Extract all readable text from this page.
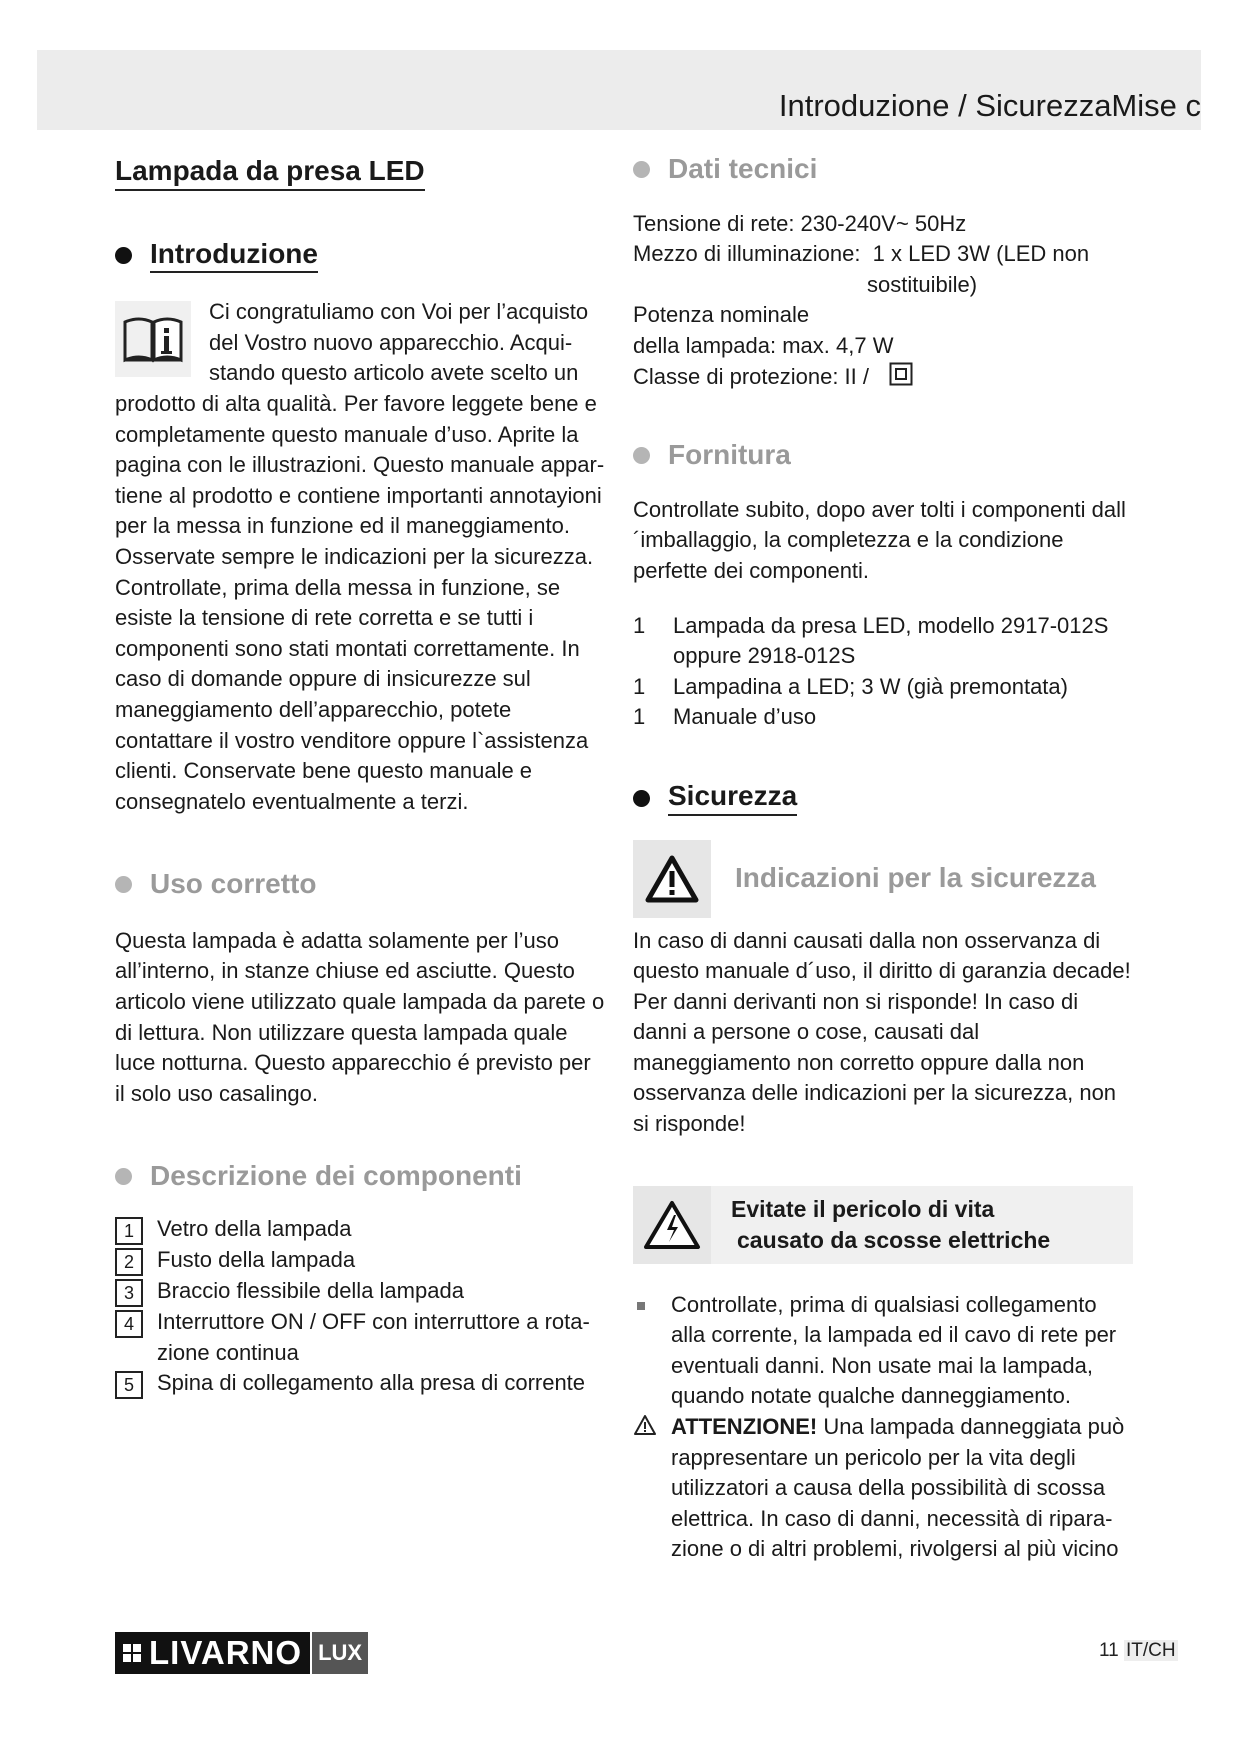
Introduzione / SicurezzaMise c
Lampada da presa LED
Introduzione

Ci congratuliamo con Voi per l’acquisto

del Vostro nuovo apparecchio. Acqui-

stando questo articolo avete scelto un

prodotto di alta qualità. Per favore leggete bene e completamente questo manuale d’uso. Aprite la pagina con le illustrazioni. Questo manuale appartiene al prodotto e contiene importanti annotayioni per la messa in funzione ed il maneggiamento. Osservate sempre le indicazioni per la sicurezza. Controllate, prima della messa in funzione, se esiste la tensione di rete corretta e se tutti i componenti sono stati montati correttamente. In caso di domande oppure di insicurezze sul maneggiamento dell’apparecchio, potete contattare il vostro venditore oppure l`assistenza clienti. Conservate bene questo manuale e consegnatelo eventualmente a terzi.

Uso corretto

Questa lampada è adatta solamente per l’uso all’interno, in stanze chiuse ed asciutte. Questo articolo viene utilizzato quale lampada da parete o di lettura. Non utilizzare questa lampada quale luce notturna. Questo apparecchio é previsto per il solo uso casalingo.

Descrizione dei componenti
1	Vetro della lampada
2	Fusto della lampada
3	Braccio flessibile della lampada
4	Interruttore ON / OFF con interruttore a rotazione continua
5	Spina di collegamento alla presa di corrente
Dati tecnici

Tensione di rete: 230-240V~ 50Hz

Mezzo di illuminazione: 1 x LED 3W (LED non

sostituibile)

Potenza nominale

della lampada: max. 4,7 W

Classe di protezione: II /

Fornitura

Controllate subito, dopo aver tolti i componenti dall´imballaggio, la completezza e la condizione perfette dei componenti.

1	Lampada da presa LED, modello 2917-012S oppure 2918-012S
1	Lampadina a LED; 3 W (già premontata)
1	Manuale d’uso
Sicurezza
Indicazioni per la sicurezza

In caso di danni causati dalla non osservanza di questo manuale d´uso, il diritto di garanzia decade! Per danni derivanti non si risponde! In caso di danni a persone o cose, causati dal maneggiamento non corretto oppure dalla non osservanza delle indicazioni per la sicurezza, non si risponde!

Evitate il pericolo di vita
causato da scosse elettriche

Controllate, prima di qualsiasi collegamento alla corrente, la lampada ed il cavo di rete per eventuali danni. Non usate mai la lampada, quando notate qualche danneggiamento.

ATTENZIONE! Una lampada danneggiata può rappresentare un pericolo per la vita degli utilizzatori a causa della possibilità di scossa elettrica. In caso di danni, necessità di riparazione o di altri problemi, rivolgersi al più vicino

LIVARNO LUX	11 IT/CH
